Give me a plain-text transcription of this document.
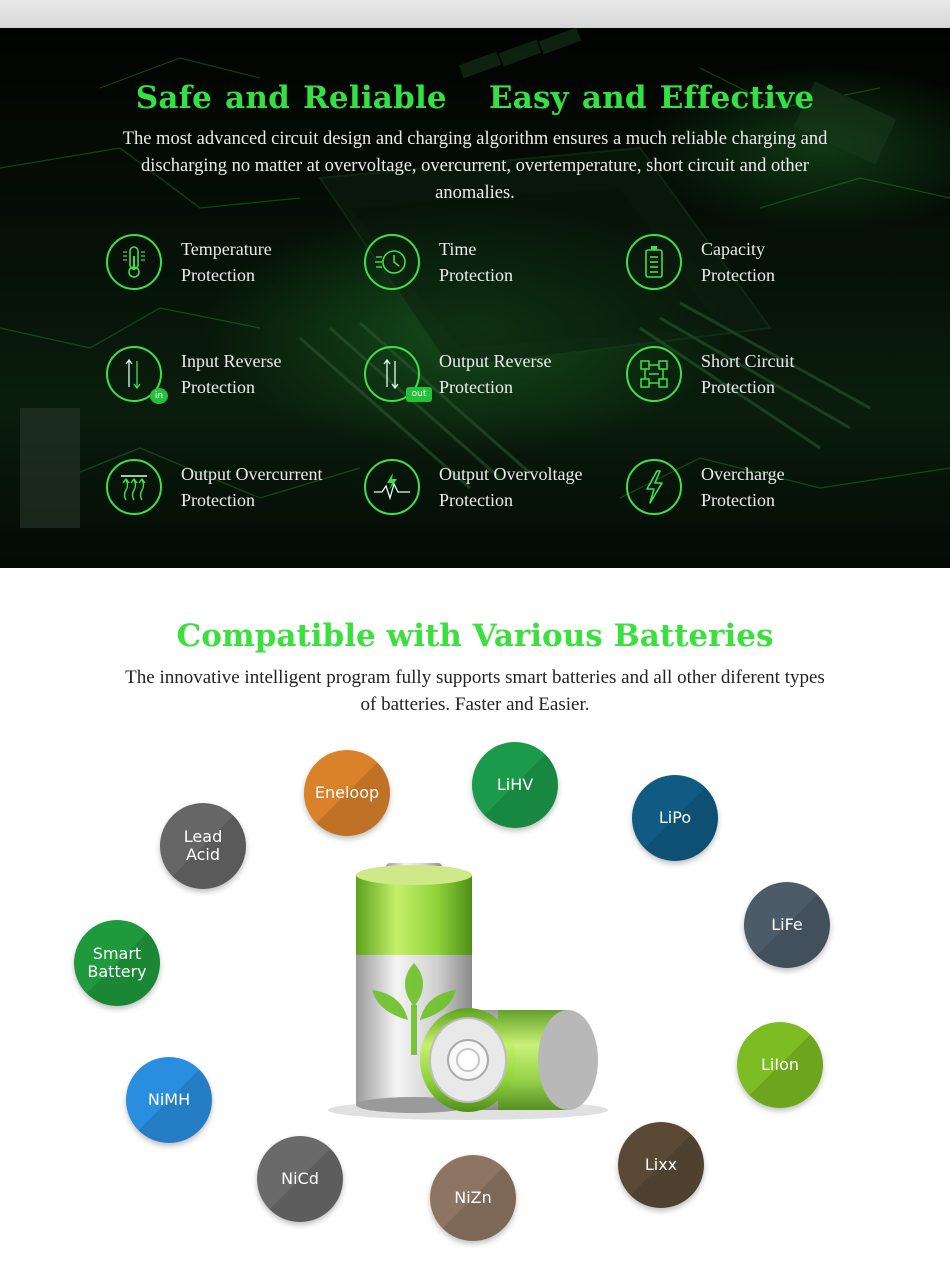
Safe and Reliable Easy and Effective
The most advanced circuit design and charging algorithm ensures a much reliable charging and discharging no matter at overvoltage, overcurrent, overtemperature, short circuit and other anomalies.
Temperature
Protection
Time
Protection
Capacity
Protection
in
Input Reverse
Protection	out
Output Reverse
Protection
Short Circuit
Protection
Output Overcurrent
Protection
Output Overvoltage
Protection
Overcharge
Protection
Compatible with Various Batteries
The innovative intelligent program fully supports smart batteries and all other diferent types of batteries. Faster and Easier.
Eneloop	LiHV
LiPo
Lead
Acid
LiFe
Smart
Battery
LiIon
NiMH
Lixx
NiCd
NiZn
